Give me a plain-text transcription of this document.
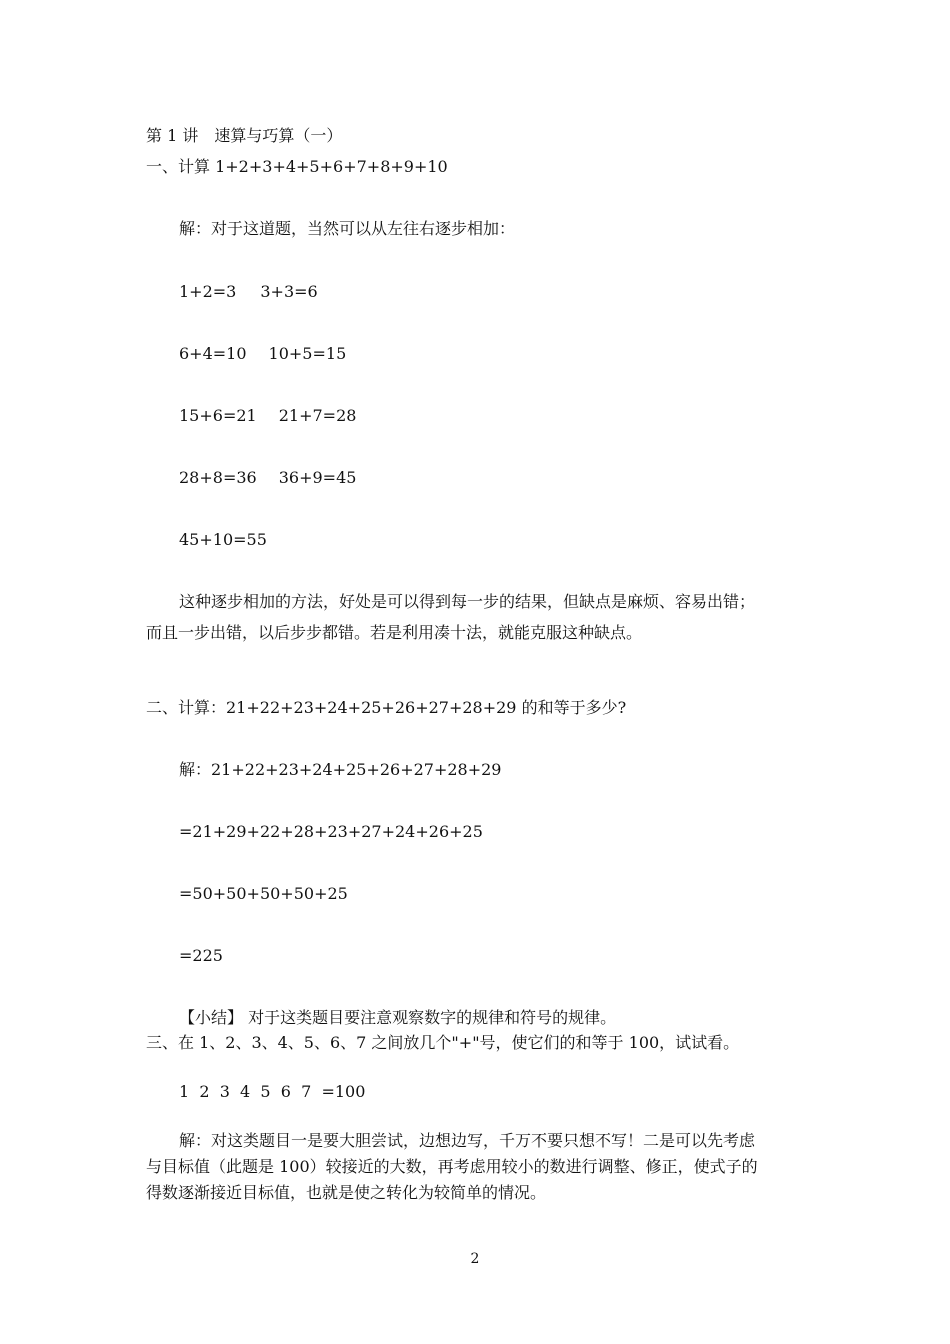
第 1 讲　速算与巧算（一）

一、计算 1+2+3+4+5+6+7+8+9+10

解：对于这道题，当然可以从左往右逐步相加：

1+2=3 3+3=6

6+4=10 10+5=15

15+6=21 21+7=28

28+8=36 36+9=45

45+10=55

这种逐步相加的方法，好处是可以得到每一步的结果，但缺点是麻烦、容易出错；

而且一步出错，以后步步都错。若是利用凑十法，就能克服这种缺点。

二、计算：21+22+23+24+25+26+27+28+29 的和等于多少?

解：21+22+23+24+25+26+27+28+29

=21+29+22+28+23+27+24+26+25

=50+50+50+50+25

=225

【小结】 对于这类题目要注意观察数字的规律和符号的规律。

三、在 1、2、3、4、5、6、7 之间放几个"+"号，使它们的和等于 100，试试看。

1  2  3  4  5  6  7  =100

解：对这类题目一是要大胆尝试，边想边写，千万不要只想不写！二是可以先考虑

与目标值（此题是 100）较接近的大数，再考虑用较小的数进行调整、修正，使式子的

得数逐渐接近目标值，也就是使之转化为较简单的情况。

2
